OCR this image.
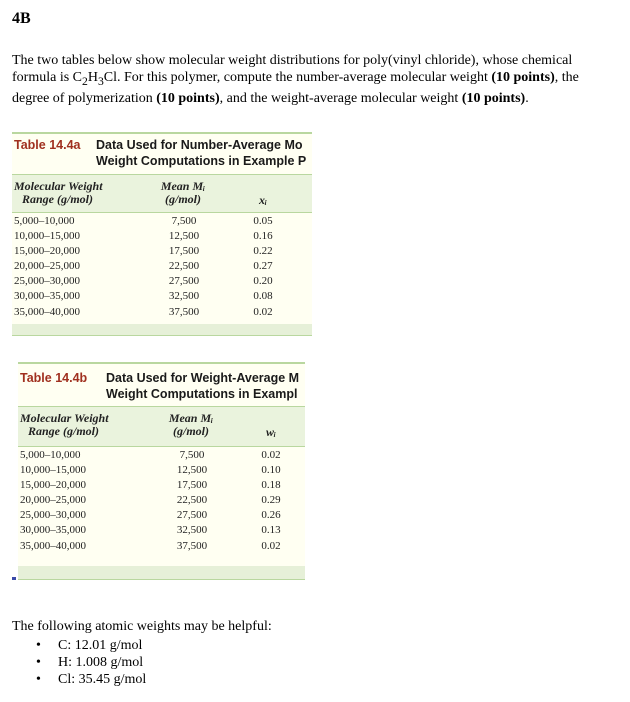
4B
The two tables below show molecular weight distributions for poly(vinyl chloride), whose chemical formula is $C_2H_3Cl$. For this polymer, compute the number-average molecular weight (10 points), the degree of polymerization (10 points), and the weight-average molecular weight (10 points).
Table 14.4a Data Used for Number-Average Mo
Weight Computations in Example P
Molecular Weight
Range (g/mol)
Mean Mᵢ
(g/mol)	xᵢ
5,000–10,000
10,000–15,000
15,000–20,000
20,000–25,000
25,000–30,000
30,000–35,000
35,000–40,000
7,500
12,500
17,500
22,500
27,500
32,500
37,500
0.05
0.16
0.22
0.27
0.20
0.08
0.02
Table 14.4b Data Used for Weight-Average M
Weight Computations in Exampl
Molecular Weight
Range (g/mol)
Mean Mᵢ
(g/mol)	wᵢ
5,000–10,000
10,000–15,000
15,000–20,000
20,000–25,000
25,000–30,000
30,000–35,000
35,000–40,000
7,500
12,500
17,500
22,500
27,500
32,500
37,500
0.02
0.10
0.18
0.29
0.26
0.13
0.02
The following atomic weights may be helpful:
• C: 12.01 g/mol
• H: 1.008 g/mol
• Cl: 35.45 g/mol
